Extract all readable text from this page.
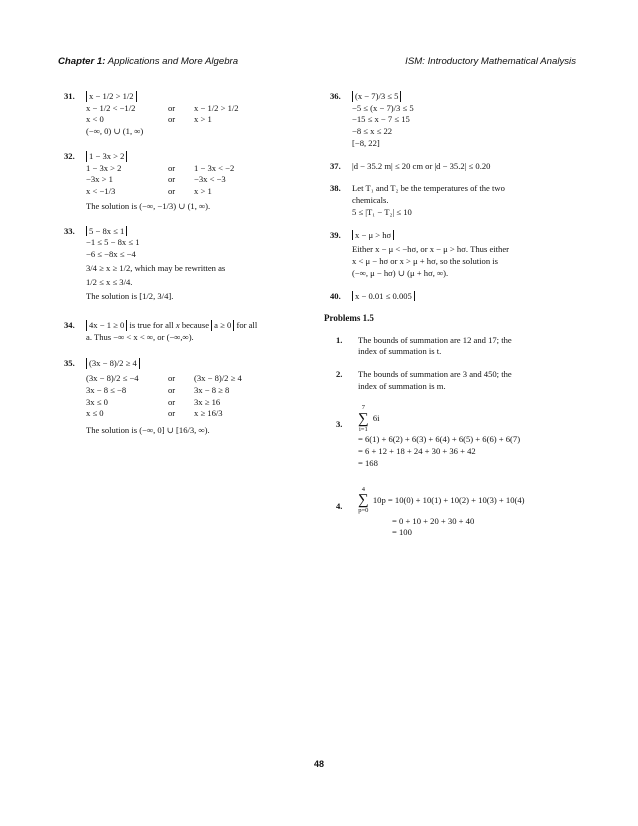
Chapter 1: Applications and More Algebra	ISM: Introductory Mathematical Analysis
31.	x − 1/2 > 1/2
x − 1/2 < −1/2	or	x − 1/2 > 1/2
x < 0	or	x > 1
(−∞, 0) ∪ (1, ∞)
32.	1 − 3x > 2
1 − 3x > 2	or	1 − 3x < −2
−3x > 1	or	−3x < −3
x < −1/3	or	x > 1
The solution is (−∞, −1/3) ∪ (1, ∞).
33.	5 − 8x ≤ 1
−1 ≤ 5 − 8x ≤ 1
−6 ≤ −8x ≤ −4
3/4 ≥ x ≥ 1/2, which may be rewritten as
1/2 ≤ x ≤ 3/4.
The solution is [1/2, 3/4].
34.	4x − 1 ≥ 0 is true for all x because a ≥ 0 for all
a. Thus −∞ < x < ∞, or (−∞,∞).
35.	(3x − 8)/2 ≥ 4
(3x − 8)/2 ≤ −4	or	(3x − 8)/2 ≥ 4
3x − 8 ≤ −8	or	3x − 8 ≥ 8
3x ≤ 0	or	3x ≥ 16
x ≤ 0	or	x ≥ 16/3
The solution is (−∞, 0] ∪ [16/3, ∞).
36.	(x − 7)/3 ≤ 5
−5 ≤ (x − 7)/3 ≤ 5
−15 ≤ x − 7 ≤ 15
−8 ≤ x ≤ 22
[−8, 22]
37. |d − 35.2 m| ≤ 20 cm or |d − 35.2| ≤ 0.20
38. Let T₁ and T₂ be the temperatures of the two
chemicals.
5 ≤ |T₁ − T₂| ≤ 10
39.	x − μ > hσ
Either x − μ < −hσ, or x − μ > hσ. Thus either
x < μ − hσ or x > μ + hσ, so the solution is
(−∞, μ − hσ) ∪ (μ + hσ, ∞).
40.	x − 0.01 ≤ 0.005
Problems 1.5
1. The bounds of summation are 12 and 17; the
index of summation is t.
2. The bounds of summation are 3 and 450; the
index of summation is m.
3.
7
∑
i=1
6i
= 6(1) + 6(2) + 6(3) + 6(4) + 6(5) + 6(6) + 6(7)
= 6 + 12 + 18 + 24 + 30 + 36 + 42
= 168
4.
4
∑
p=0
10p = 10(0) + 10(1) + 10(2) + 10(3) + 10(4)
= 0 + 10 + 20 + 30 + 40
= 100
48
